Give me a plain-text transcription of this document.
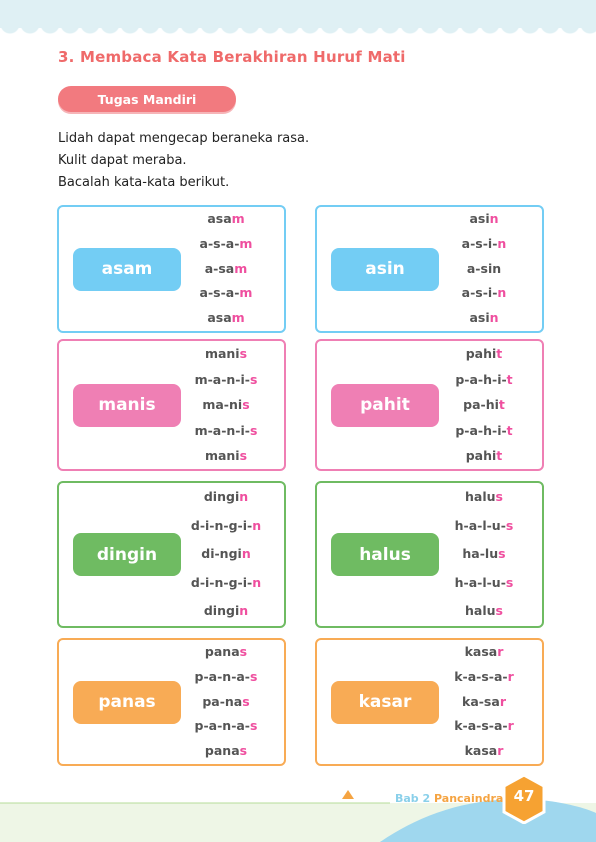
3. Membaca Kata Berakhiran Huruf Mati
Tugas Mandiri

Lidah dapat mengecap beraneka rasa.

Kulit dapat meraba.

Bacalah kata-kata berikut.

asam
asam
a-s-a-m
a-sam
a-s-a-m
asam
asin
asin
a-s-i-n
a-sin
a-s-i-n
asin
manis
manis
m-a-n-i-s
ma-nis
m-a-n-i-s
manis
pahit
pahit
p-a-h-i-t
pa-hit
p-a-h-i-t
pahit
dingin
dingin
d-i-n-g-i-n
di-ngin
d-i-n-g-i-n
dingin
halus
halus
h-a-l-u-s
ha-lus
h-a-l-u-s
halus
panas
panas
p-a-n-a-s
pa-nas
p-a-n-a-s
panas
kasar
kasar
k-a-s-a-r
ka-sar
k-a-s-a-r
kasar
Bab 2 Pancaindra 47
